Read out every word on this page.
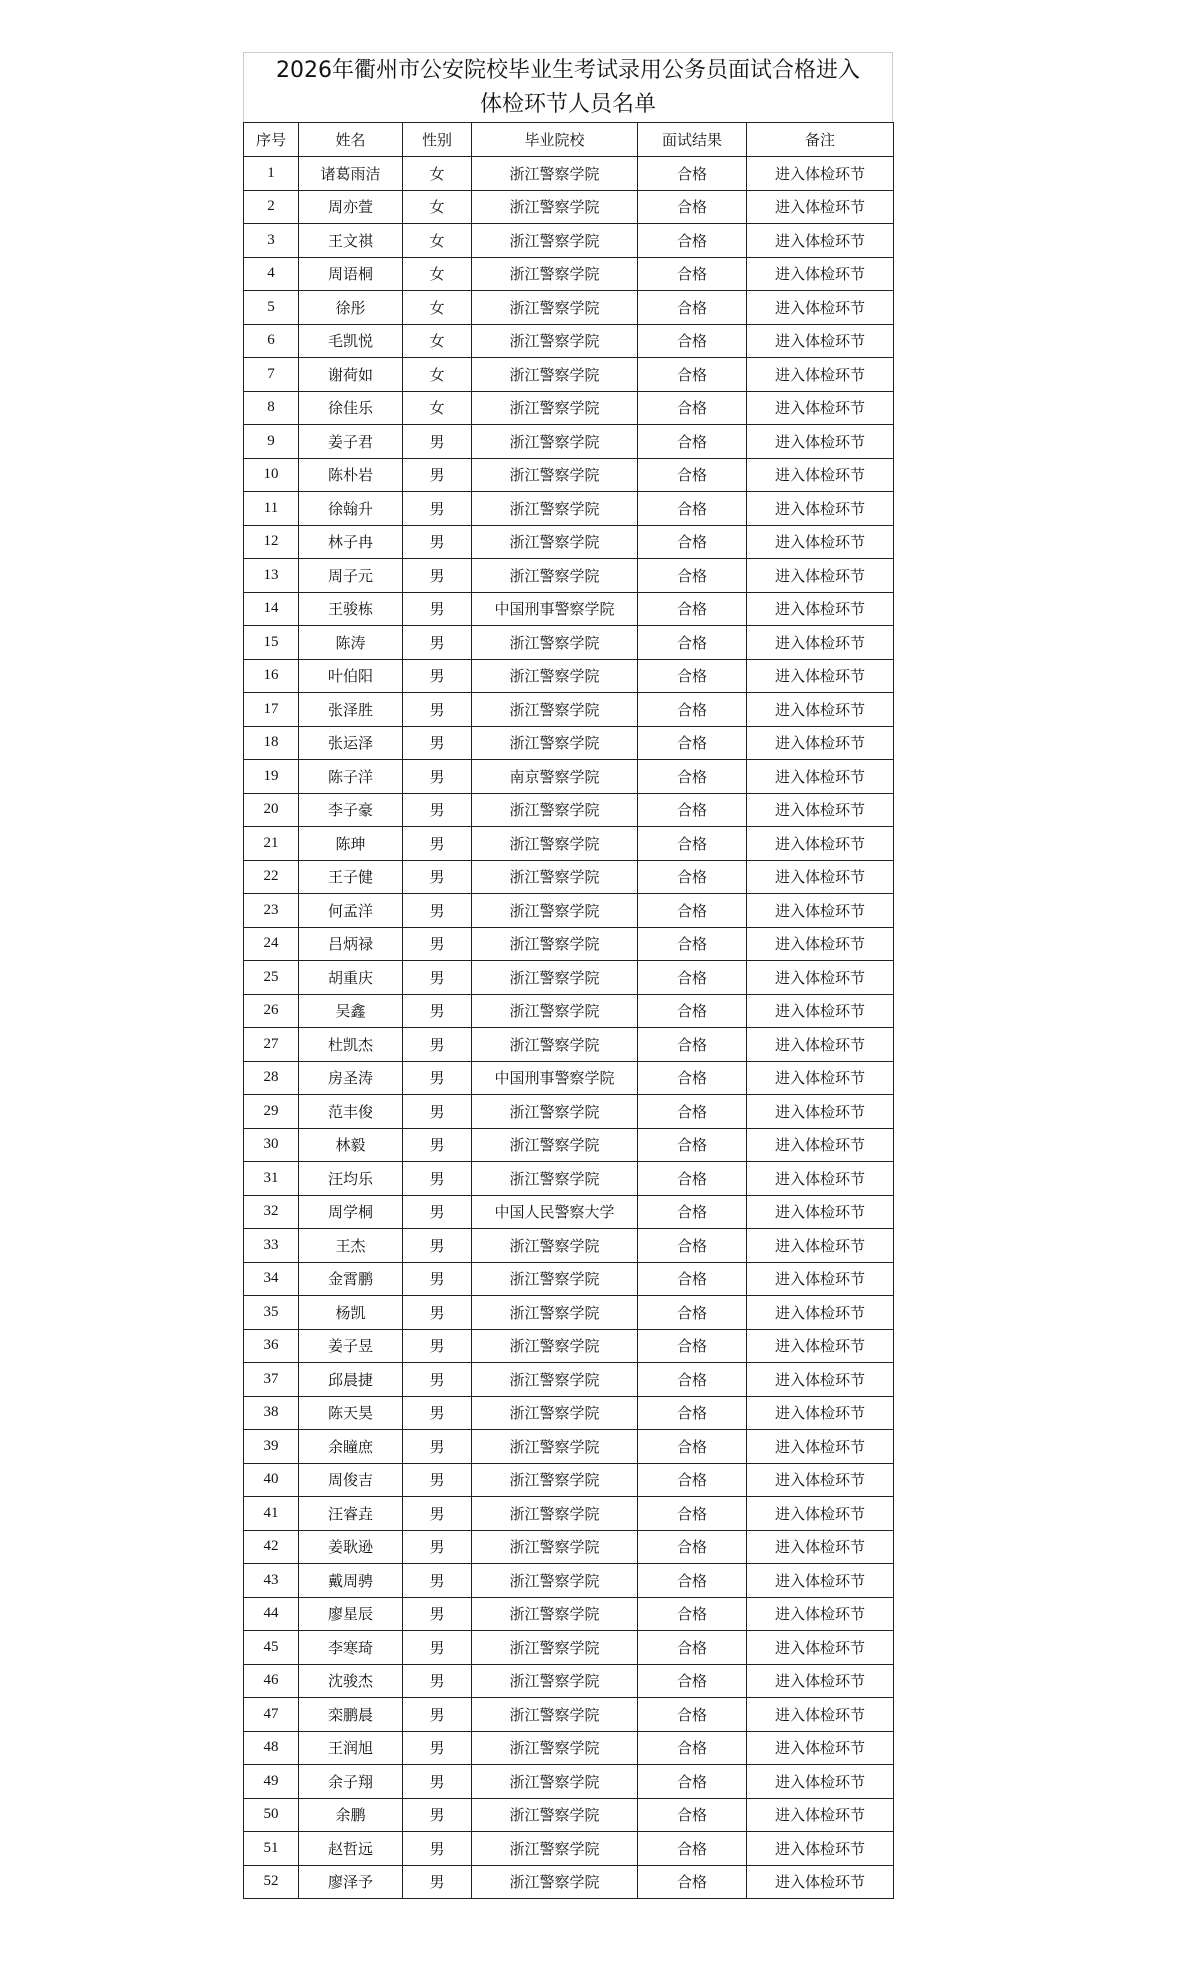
2026年衢州市公安院校毕业生考试录用公务员面试合格进入
体检环节人员名单
序号	姓名	性别	毕业院校	面试结果	备注
1	诸葛雨洁	女	浙江警察学院	合格	进入体检环节
2	周亦萱	女	浙江警察学院	合格	进入体检环节
3	王文祺	女	浙江警察学院	合格	进入体检环节
4	周语桐	女	浙江警察学院	合格	进入体检环节
5	徐彤	女	浙江警察学院	合格	进入体检环节
6	毛凯悦	女	浙江警察学院	合格	进入体检环节
7	谢荷如	女	浙江警察学院	合格	进入体检环节
8	徐佳乐	女	浙江警察学院	合格	进入体检环节
9	姜子君	男	浙江警察学院	合格	进入体检环节
10	陈朴岩	男	浙江警察学院	合格	进入体检环节
11	徐翰升	男	浙江警察学院	合格	进入体检环节
12	林子冉	男	浙江警察学院	合格	进入体检环节
13	周子元	男	浙江警察学院	合格	进入体检环节
14	王骏栋	男	中国刑事警察学院	合格	进入体检环节
15	陈涛	男	浙江警察学院	合格	进入体检环节
16	叶伯阳	男	浙江警察学院	合格	进入体检环节
17	张泽胜	男	浙江警察学院	合格	进入体检环节
18	张运泽	男	浙江警察学院	合格	进入体检环节
19	陈子洋	男	南京警察学院	合格	进入体检环节
20	李子豪	男	浙江警察学院	合格	进入体检环节
21	陈珅	男	浙江警察学院	合格	进入体检环节
22	王子健	男	浙江警察学院	合格	进入体检环节
23	何孟洋	男	浙江警察学院	合格	进入体检环节
24	吕炳禄	男	浙江警察学院	合格	进入体检环节
25	胡重庆	男	浙江警察学院	合格	进入体检环节
26	吴鑫	男	浙江警察学院	合格	进入体检环节
27	杜凯杰	男	浙江警察学院	合格	进入体检环节
28	房圣涛	男	中国刑事警察学院	合格	进入体检环节
29	范丰俊	男	浙江警察学院	合格	进入体检环节
30	林毅	男	浙江警察学院	合格	进入体检环节
31	汪均乐	男	浙江警察学院	合格	进入体检环节
32	周学桐	男	中国人民警察大学	合格	进入体检环节
33	王杰	男	浙江警察学院	合格	进入体检环节
34	金霄鹏	男	浙江警察学院	合格	进入体检环节
35	杨凯	男	浙江警察学院	合格	进入体检环节
36	姜子昱	男	浙江警察学院	合格	进入体检环节
37	邱晨捷	男	浙江警察学院	合格	进入体检环节
38	陈天昊	男	浙江警察学院	合格	进入体检环节
39	余瞳庶	男	浙江警察学院	合格	进入体检环节
40	周俊吉	男	浙江警察学院	合格	进入体检环节
41	汪睿垚	男	浙江警察学院	合格	进入体检环节
42	姜耿逊	男	浙江警察学院	合格	进入体检环节
43	戴周骋	男	浙江警察学院	合格	进入体检环节
44	廖星辰	男	浙江警察学院	合格	进入体检环节
45	李寒琦	男	浙江警察学院	合格	进入体检环节
46	沈骏杰	男	浙江警察学院	合格	进入体检环节
47	栾鹏晨	男	浙江警察学院	合格	进入体检环节
48	王润旭	男	浙江警察学院	合格	进入体检环节
49	余子翔	男	浙江警察学院	合格	进入体检环节
50	余鹏	男	浙江警察学院	合格	进入体检环节
51	赵哲远	男	浙江警察学院	合格	进入体检环节
52	廖泽予	男	浙江警察学院	合格	进入体检环节
